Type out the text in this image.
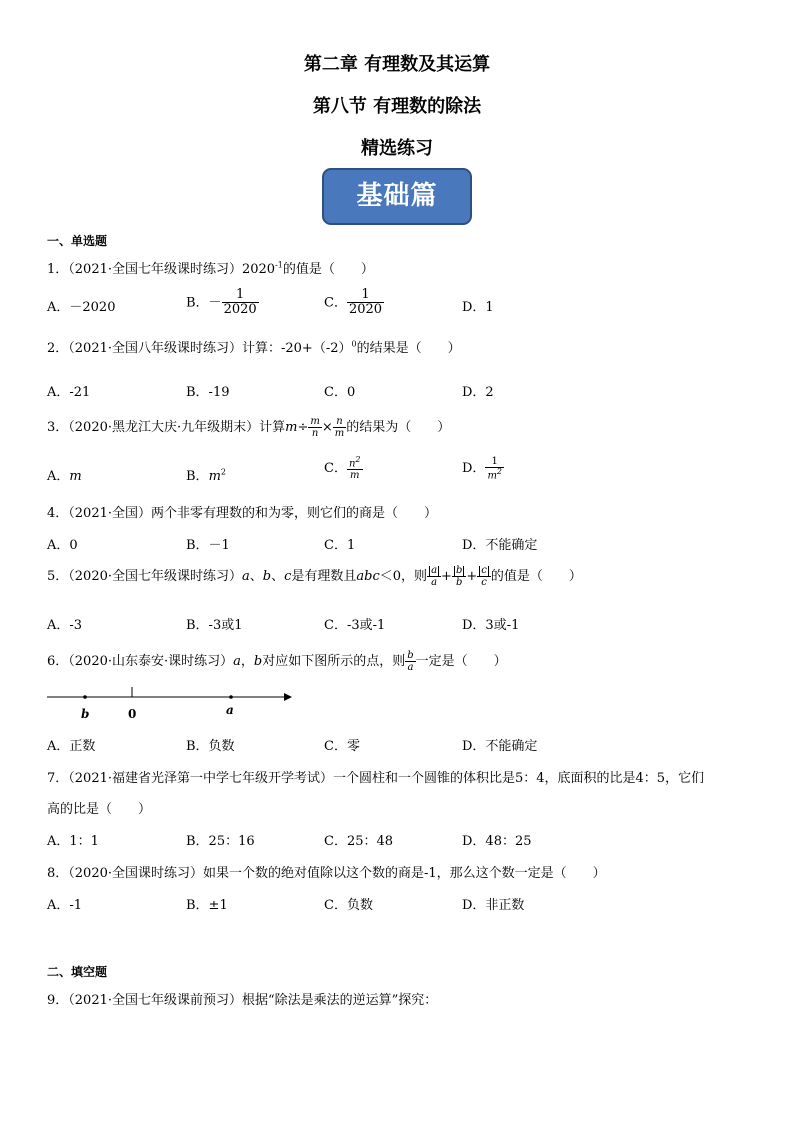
第二章 有理数及其运算
第八节 有理数的除法
精选练习
基础篇
一、单选题
1．（2021·全国七年级课时练习）$2020^{-1}$的值是（　　）
A．－2020	B．－ $\frac{1}{2020}$	C． $\frac{1}{2020}$	D．1
2．（2021·全国八年级课时练习）计算：$-20+(-2)^0$的结果是（　　）
A．-21	B．-19	C．0	D．2
3．（2020·黑龙江大庆·九年级期末）计算$m\div \frac{m}{n} \times \frac{n}{m}$ 的结果为（　　）
A．m	B．$m^2$	C． $\frac{n^2}{m}$	D． $\frac{1}{m^2}$
4．（2021·全国）两个非零有理数的和为零，则它们的商是（　　）
A．0	B．－1	C．1	D．不能确定
5．（2020·全国七年级课时练习）a、b、c是有理数且abc＜0，则 $\frac{a}{a} + \frac{b}{b} + \frac{c}{c}$ 的值是（　　）
A．-3	B．-3或1	C．-3或-1	D．3或-1
6．（2020·山东泰安·课时练习）a，b对应如下图所示的点，则 $\frac{b}{a}$ 一定是（　　）
b	0	a
A．正数	B．负数	C．零	D．不能确定
7．（2021·福建省光泽第一中学七年级开学考试）一个圆柱和一个圆锥的体积比是5：4，底面积的比是4：5，它们
高的比是（　　）
A．1：1	B．25：16	C．25：48	D．48：25
8．（2020·全国课时练习）如果一个数的绝对值除以这个数的商是-1，那么这个数一定是（　　）
A．-1	B．±1	C．负数	D．非正数
二、填空题
9．（2021·全国七年级课前预习）根据“除法是乘法的逆运算”探究：
